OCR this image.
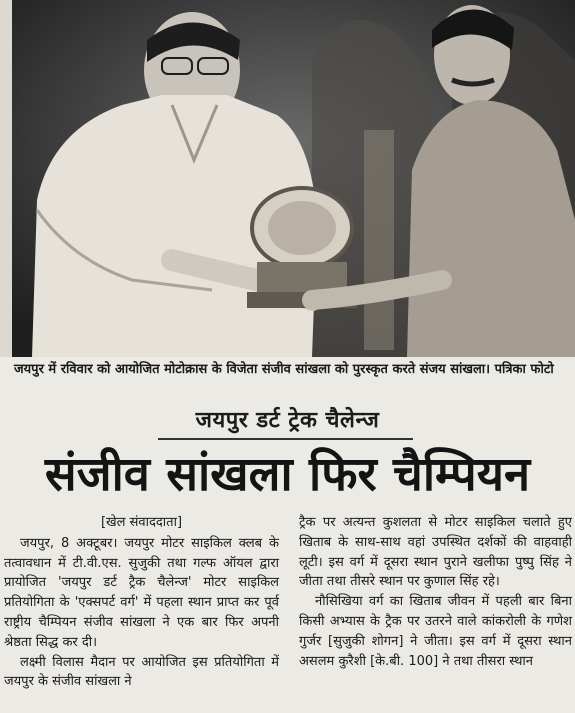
जयपुर में रविवार को आयोजित मोटोक्रास के विजेता संजीव सांखला को पुरस्कृत करते संजय सांखला। पत्रिका फोटो
जयपुर डर्ट ट्रेक चैलेन्ज
संजीव सांखला फिर चैम्पियन
[खेल संवाददाता]

जयपुर, 8 अक्टूबर। जयपुर मोटर साइकिल क्लब के तत्वावधान में टी.वी.एस. सुजुकी तथा गल्फ ऑयल द्वारा प्रायोजित 'जयपुर डर्ट ट्रैक चैलेन्ज' मोटर साइकिल प्रतियोगिता के 'एक्सपर्ट वर्ग' में पहला स्थान प्राप्त कर पूर्व राष्ट्रीय चैम्पियन संजीव सांखला ने एक बार फिर अपनी श्रेष्ठता सिद्ध कर दी।

लक्ष्मी विलास मैदान पर आयोजित इस प्रतियोगिता में जयपुर के संजीव सांखला ने

ट्रैक पर अत्यन्त कुशलता से मोटर साइकिल चलाते हुए खिताब के साथ-साथ वहां उपस्थित दर्शकों की वाहवाही लूटी। इस वर्ग में दूसरा स्थान पुराने खलीफा पुष्पु सिंह ने जीता तथा तीसरे स्थान पर कुणाल सिंह रहे।

नौसिखिया वर्ग का खिताब जीवन में पहली बार बिना किसी अभ्यास के ट्रैक पर उतरने वाले कांकरोली के गणेश गुर्जर [सुजुकी शोगन] ने जीता। इस वर्ग में दूसरा स्थान असलम कुरैशी [के.बी. 100] ने तथा तीसरा स्थान
